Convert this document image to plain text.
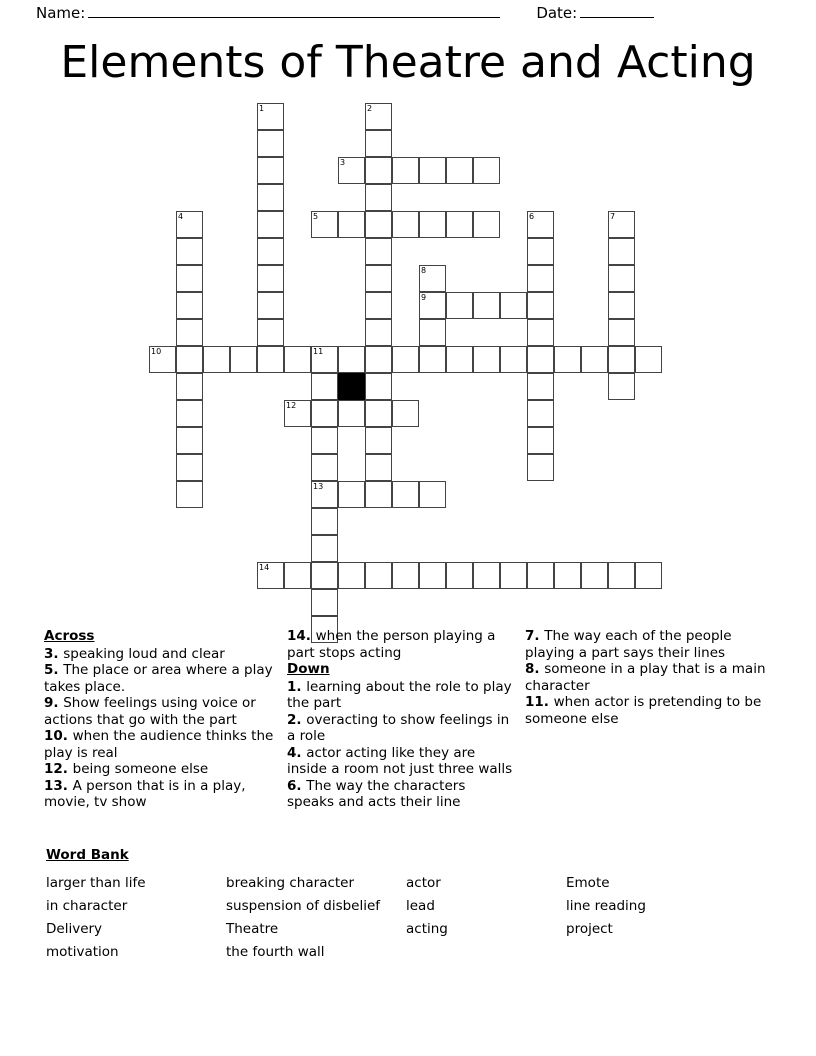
Name:	Date:
Elements of Theatre and Acting
1	2
3
4	5	6	7
8
9
10	11
12
13
14
Across
3. speaking loud and clear
5. The place or area where a play takes place.
9. Show feelings using voice or actions that go with the part
10. when the audience thinks the play is real
12. being someone else
13. A person that is in a play, movie, tv show
14. when the person playing a part stops acting
Down
1. learning about the role to play the part
2. overacting to show feelings in a role
4. actor acting like they are inside a room not just three walls
6. The way the characters speaks and acts their line
7. The way each of the people playing a part says their lines
8. someone in a play that is a main character
11. when actor is pretending to be someone else
Word Bank
larger than life	breaking character	actor	Emote
in character	suspension of disbelief	lead	line reading
Delivery	Theatre	acting	project
motivation	the fourth wall
